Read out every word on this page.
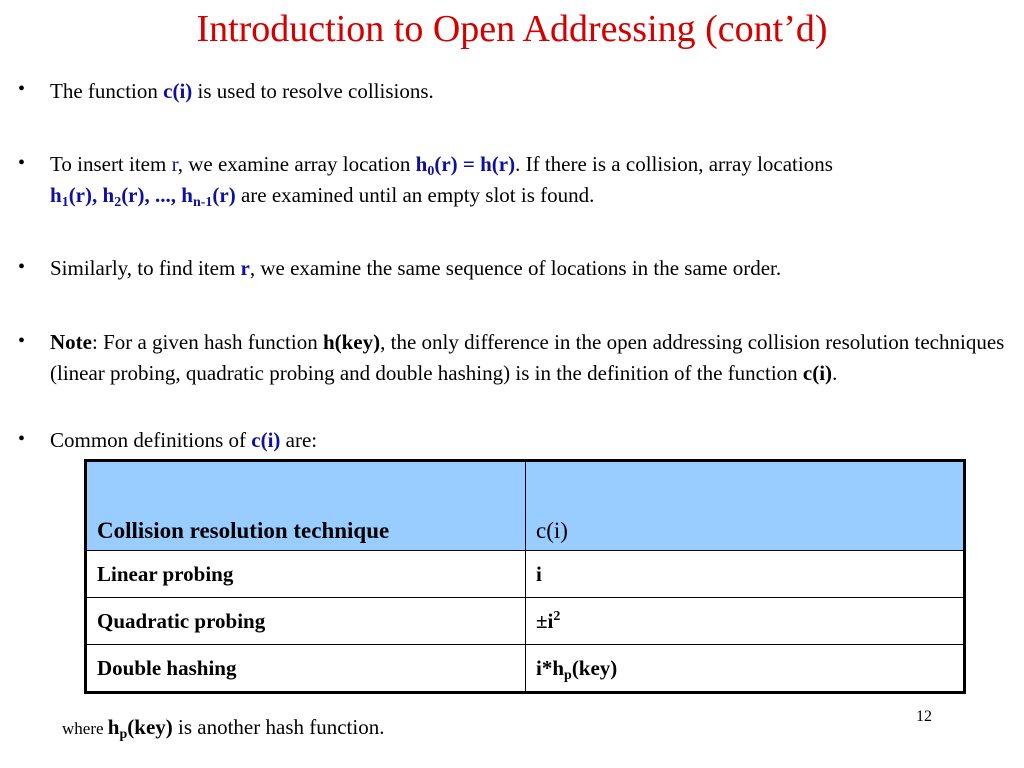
Introduction to Open Addressing (cont’d)
•	The function c(i) is used to resolve collisions.
•	To insert item r, we examine array location $h_0(r) = h(r)$. If there is a collision, array locations
$h_1(r)$, $h_2(r)$, ..., $h_{n-1}(r)$ are examined until an empty slot is found.
•	Similarly, to find item r, we examine the same sequence of locations in the same order.
•	Note: For a given hash function h(key), the only difference in the open addressing collision resolution techniques (linear probing, quadratic probing and double hashing) is in the definition of the function c(i).
•	Common definitions of c(i) are:
Collision resolution technique	c(i)
Linear probing	i
Quadratic probing	$\pm i^2$
Double hashing	$i*h_p(key)$
where $h_p(key)$ is another hash function.	12
